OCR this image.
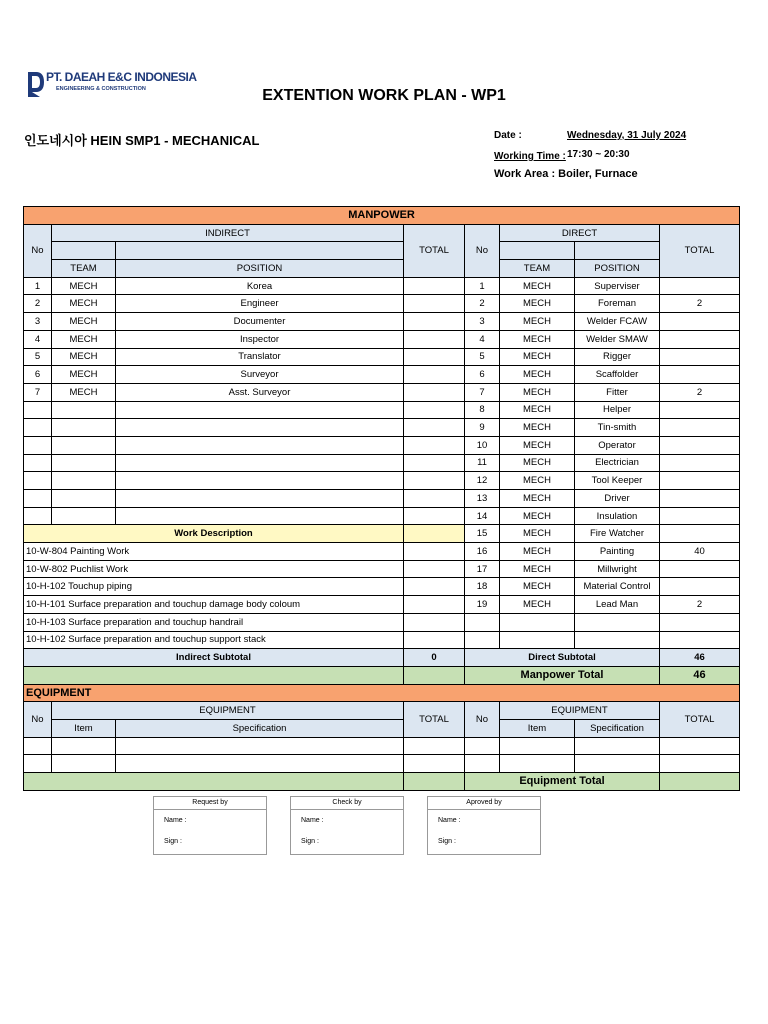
PT. DAEAH E&C INDONESIA
ENGINEERING & CONSTRUCTION	EXTENTION WORK PLAN - WP1
인도네시아 HEIN SMP1 - MECHANICAL	Date :	Wednesday, 31 July 2024
Working Time : 17:30 ~ 20:30
Work Area : Boiler, Furnace
MANPOWER							
No	INDIRECT		TOTAL	No	DIRECT		TOTAL

	TEAM	POSITION			TEAM	POSITION	
1	MECH	Korea		1	MECH	Superviser	
2	MECH	Engineer		2	MECH	Foreman	2
3	MECH	Documenter		3	MECH	Welder FCAW	
4	MECH	Inspector		4	MECH	Welder SMAW	
5	MECH	Translator		5	MECH	Rigger	
6	MECH	Surveyor		6	MECH	Scaffolder	
7	MECH	Asst. Surveyor		7	MECH	Fitter	2
				8	MECH	Helper	
				9	MECH	Tin-smith	
				10	MECH	Operator	
				11	MECH	Electrician	
				12	MECH	Tool Keeper	
				13	MECH	Driver	
				14	MECH	Insulation	
Work Description				15	MECH	Fire Watcher	
10-W-804 Painting Work				16	MECH	Painting	40
10-W-802 Puchlist Work				17	MECH	Millwright	
10-H-102 Touchup piping				18	MECH	Material Control	
10-H-101 Surface preparation and touchup damage body coloum				19	MECH	Lead Man	2
10-H-103 Surface preparation and touchup handrail							
10-H-102 Surface preparation and touchup support stack							
Indirect Subtotal			0	Direct Subtotal			46
				Manpower Total			46
EQUIPMENT							
No	EQUIPMENT		TOTAL	No	EQUIPMENT		TOTAL
	Item	Specification			Item	Specification	

				Equipment Total			
Request by
Name :
Sign :
Check by
Name :
Sign :
Aproved by
Name :
Sign :
